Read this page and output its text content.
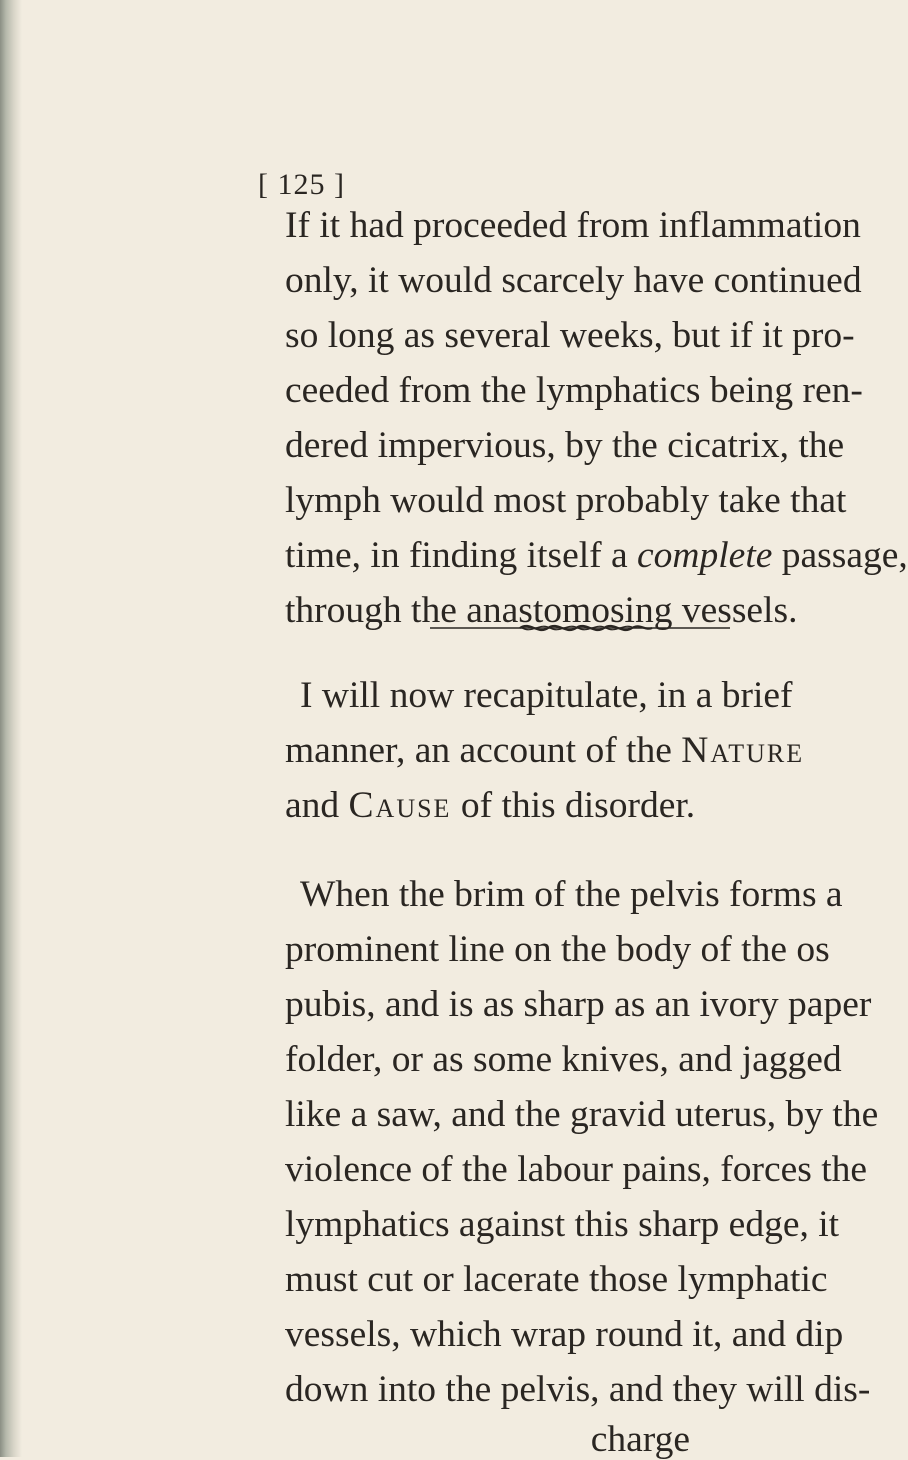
[ 125 ]
If it had proceeded from inflammation
only, it would scarcely have continued
so long as several weeks, but if it pro-
ceeded from the lymphatics being ren-
dered impervious, by the cicatrix, the
lymph would most probably take that
time, in finding itself a complete passage,
through the anastomosing vessels.
I will now recapitulate, in a brief
manner, an account of the Nature
and Cause of this disorder.
When the brim of the pelvis forms a
prominent line on the body of the os
pubis, and is as sharp as an ivory paper
folder, or as some knives, and jagged
like a saw, and the gravid uterus, by the
violence of the labour pains, forces the
lymphatics against this sharp edge, it
must cut or lacerate those lymphatic
vessels, which wrap round it, and dip
down into the pelvis, and they will dis-
charge
